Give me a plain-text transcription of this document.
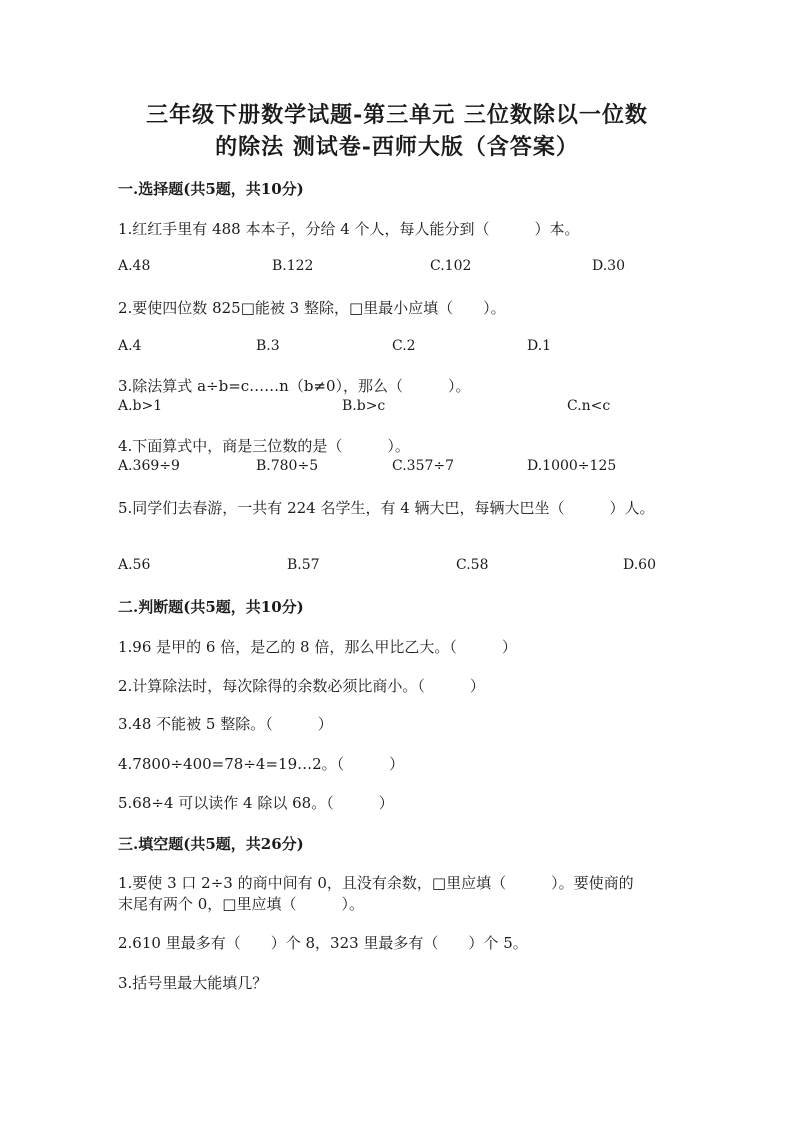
三年级下册数学试题-第三单元 三位数除以一位数
的除法 测试卷-西师大版（含答案）
一.选择题(共5题，共10分)
1.红红手里有 488 本本子，分给 4 个人，每人能分到（　　　）本。
A.48	B.122	C.102	D.30
2.要使四位数 825□能被 3 整除，□里最小应填（　　）。
A.4	B.3	C.2	D.1
3.除法算式 a÷b=c……n（b≠0），那么（　　　）。
A.b>1	B.b>c	C.n<c
4.下面算式中，商是三位数的是（　　　）。
A.369÷9	B.780÷5	C.357÷7	D.1000÷125
5.同学们去春游，一共有 224 名学生，有 4 辆大巴，每辆大巴坐（　　　）人。
A.56	B.57	C.58	D.60
二.判断题(共5题，共10分)
1.96 是甲的 6 倍，是乙的 8 倍，那么甲比乙大。（　　　）
2.计算除法时，每次除得的余数必须比商小。（　　　）
3.48 不能被 5 整除。（　　　）
4.7800÷400=78÷4=19…2。（　　　）
5.68÷4 可以读作 4 除以 68。（　　　）
三.填空题(共5题，共26分)
1.要使 3 口 2÷3 的商中间有 0，且没有余数，□里应填（　　　）。要使商的
末尾有两个 0，□里应填（　　　）。
2.610 里最多有（　　）个 8，323 里最多有（　　）个 5。
3.括号里最大能填几？
